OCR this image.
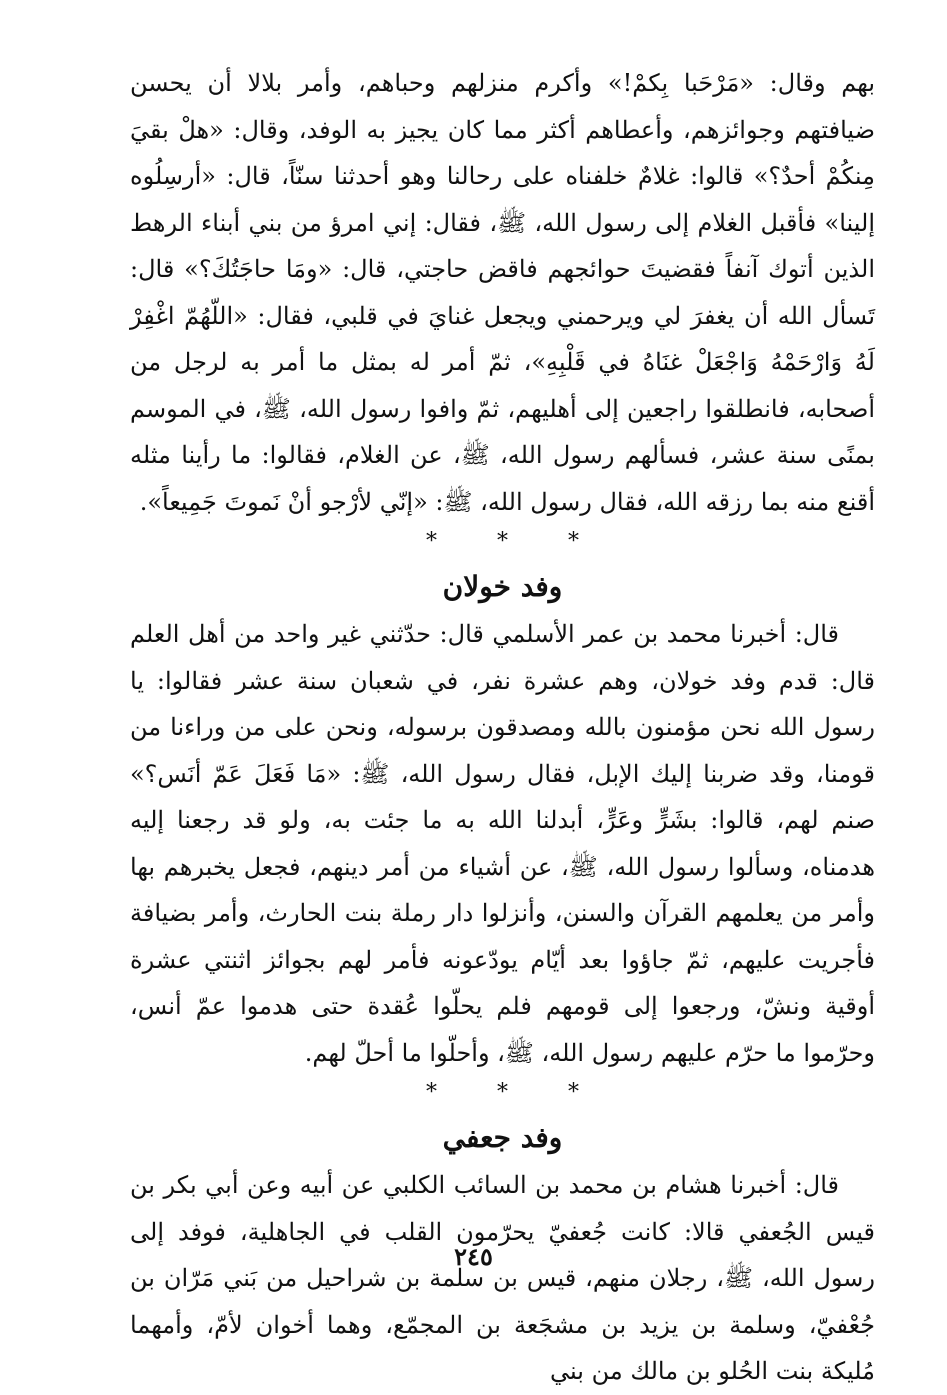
بهم وقال: «مَرْحَبا بِكمْ!» وأكرم منزلهم وحباهم، وأمر بلالا أن يحسن ضيافتهم وجوائزهم، وأعطاهم أكثر مما كان يجيز به الوفد، وقال: «هلْ بقيَ مِنكُمْ أحدٌ؟» قالوا: غلامٌ خلفناه على رحالنا وهو أحدثنا سنّاً، قال: «أرسِلُوه إلينا» فأقبل الغلام إلى رسول الله، ﷺ، فقال: إني امرؤ من بني أبناء الرهط الذين أتوك آنفاً فقضيتَ حوائجهم فاقض حاجتي، قال: «ومَا حاجَتُكَ؟» قال: تَسأل الله أن يغفرَ لي ويرحمني ويجعل غنايَ في قلبي، فقال: «اللّهُمّ اغْفِرْ لَهُ وَارْحَمْهُ وَاجْعَلْ غنَاهُ في قَلْبِهِ»، ثمّ أمر له بمثل ما أمر به لرجل من أصحابه، فانطلقوا راجعين إلى أهليهم، ثمّ وافوا رسول الله، ﷺ، في الموسم بمنًى سنة عشر، فسألهم رسول الله، ﷺ، عن الغلام، فقالوا: ما رأينا مثله أقنع منه بما رزقه الله، فقال رسول الله، ﷺ: «إنّي لأرْجو أنْ نَموتَ جَمِيعاً».

***
وفد خولان

قال: أخبرنا محمد بن عمر الأسلمي قال: حدّثني غير واحد من أهل العلم قال: قدم وفد خولان، وهم عشرة نفر، في شعبان سنة عشر فقالوا: يا رسول الله نحن مؤمنون بالله ومصدقون برسوله، ونحن على من وراءنا من قومنا، وقد ضربنا إليك الإبل، فقال رسول الله، ﷺ: «مَا فَعَلَ عَمّ أنَس؟» صنم لهم، قالوا: بشَرٍّ وعَرٍّ، أبدلنا الله به ما جئت به، ولو قد رجعنا إليه هدمناه، وسألوا رسول الله، ﷺ، عن أشياء من أمر دينهم، فجعل يخبرهم بها وأمر من يعلمهم القرآن والسنن، وأنزلوا دار رملة بنت الحارث، وأمر بضيافة فأجريت عليهم، ثمّ جاؤوا بعد أيّام يودّعونه فأمر لهم بجوائز اثنتي عشرة أوقية ونشّ، ورجعوا إلى قومهم فلم يحلّوا عُقدة حتى هدموا عمّ أنس، وحرّموا ما حرّم عليهم رسول الله، ﷺ، وأحلّوا ما أحلّ لهم.

***
وفد جعفي

قال: أخبرنا هشام بن محمد بن السائب الكلبي عن أبيه وعن أبي بكر بن قيس الجُعفي قالا: كانت جُعفيّ يحرّمون القلب في الجاهلية، فوفد إلى رسول الله، ﷺ، رجلان منهم، قيس بن سلمة بن شراحيل من بَني مَرّان بن جُعْفيّ، وسلمة بن يزيد بن مشجَعة بن المجمّع، وهما أخوان لأمّ، وأمهما مُليكة بنت الحُلو بن مالك من بني

٢٤٥
